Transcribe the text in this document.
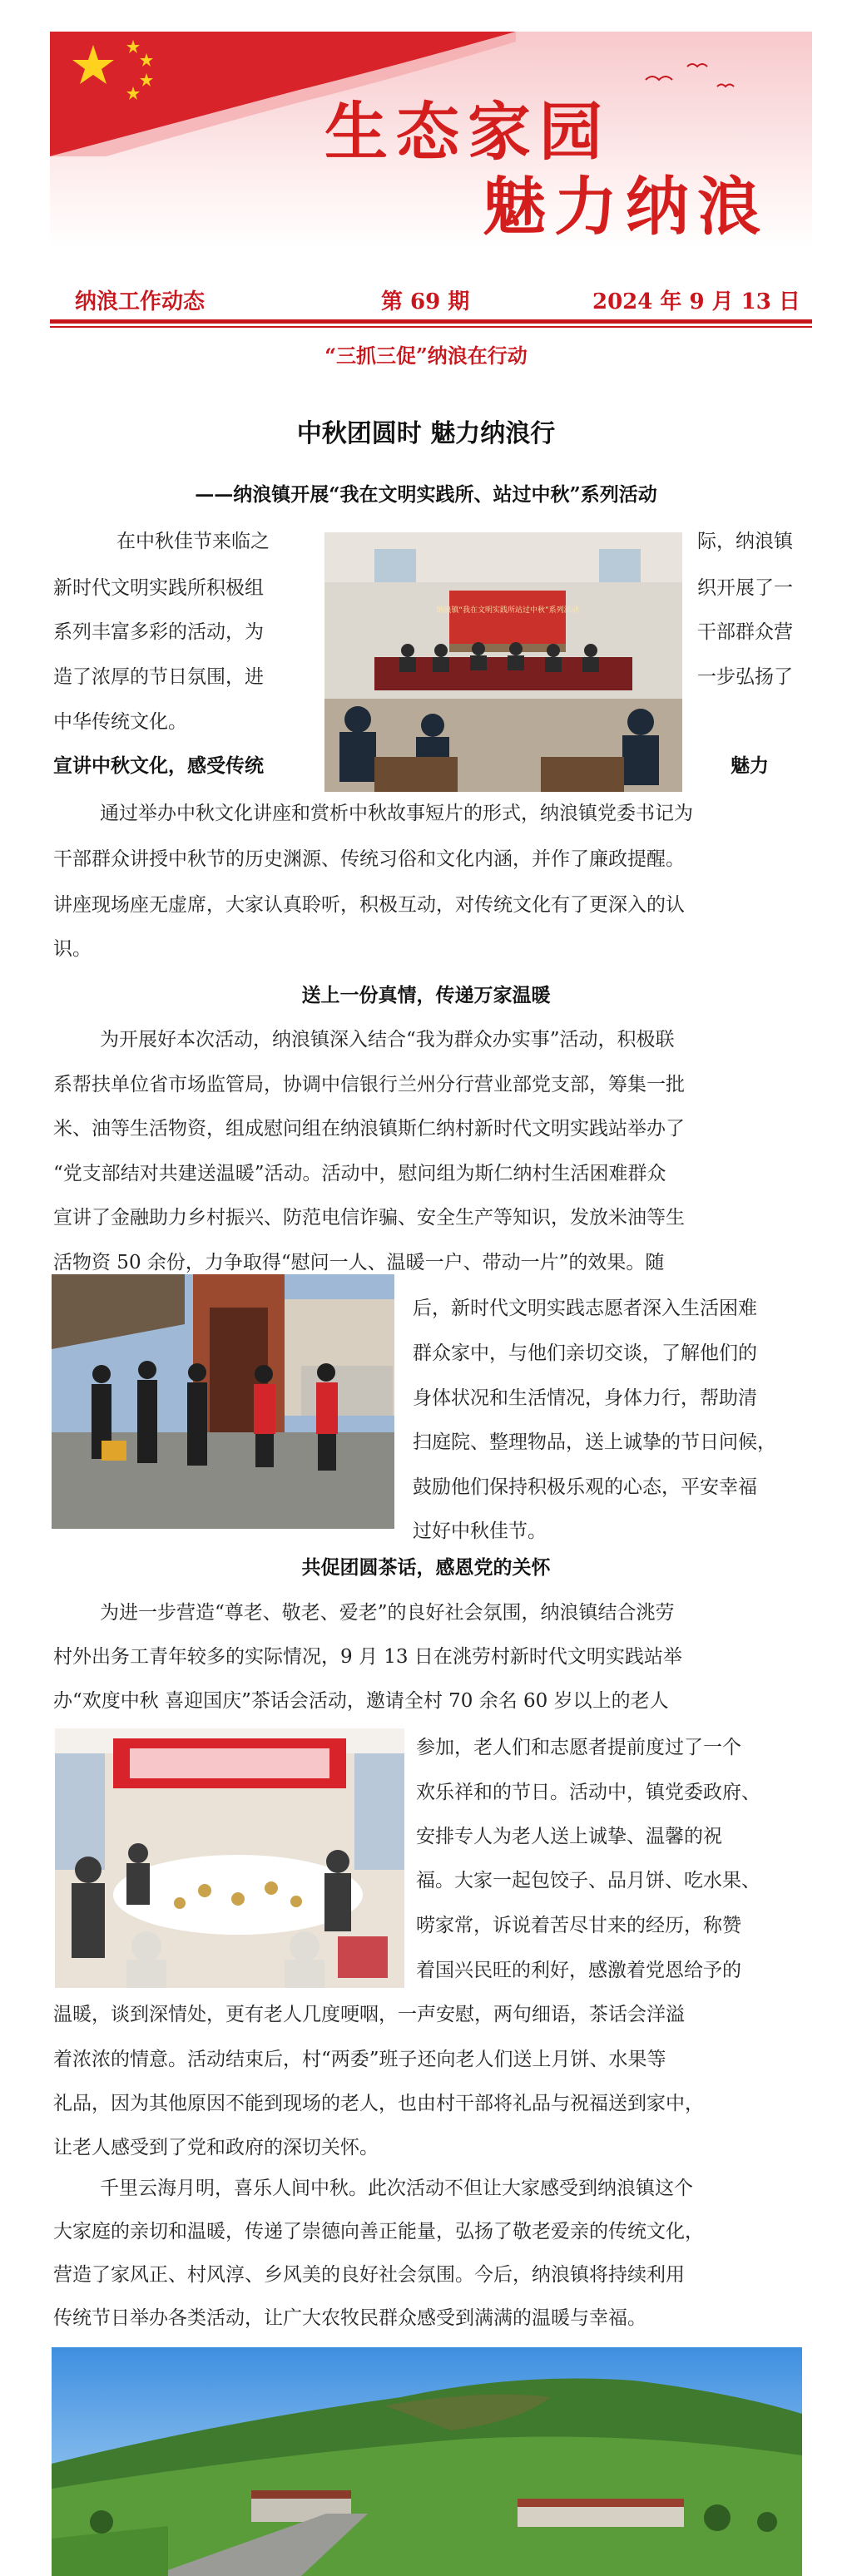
生态家园
魅力纳浪
纳浪工作动态	第 69 期	2024 年 9 月 13 日
“三抓三促”纳浪在行动
中秋团圆时 魅力纳浪行
——纳浪镇开展“我在文明实践所、站过中秋”系列活动
在中秋佳节来临之
新时代文明实践所积极组
系列丰富多彩的活动，为
造了浓厚的节日氛围，进
中华传统文化。
际，纳浪镇
织开展了一
干部群众营
一步弘扬了
纳浪镇“我在文明实践所站过中秋”系列活动
宣讲中秋文化，感受传统	魅力
通过举办中秋文化讲座和赏析中秋故事短片的形式，纳浪镇党委书记为
干部群众讲授中秋节的历史渊源、传统习俗和文化内涵，并作了廉政提醒。
讲座现场座无虚席，大家认真聆听，积极互动，对传统文化有了更深入的认
识。
送上一份真情，传递万家温暖
为开展好本次活动，纳浪镇深入结合“我为群众办实事”活动，积极联
系帮扶单位省市场监管局，协调中信银行兰州分行营业部党支部，筹集一批
米、油等生活物资，组成慰问组在纳浪镇斯仁纳村新时代文明实践站举办了
“党支部结对共建送温暖”活动。活动中，慰问组为斯仁纳村生活困难群众
宣讲了金融助力乡村振兴、防范电信诈骗、安全生产等知识，发放米油等生
活物资 50 余份，力争取得“慰问一人、温暖一户、带动一片”的效果。随
后，新时代文明实践志愿者深入生活困难
群众家中，与他们亲切交谈，了解他们的
身体状况和生活情况，身体力行，帮助清
扫庭院、整理物品，送上诚挚的节日问候，
鼓励他们保持积极乐观的心态，平安幸福
过好中秋佳节。
共促团圆茶话，感恩党的关怀
为进一步营造“尊老、敬老、爱老”的良好社会氛围，纳浪镇结合洮劳
村外出务工青年较多的实际情况，9 月 13 日在洮劳村新时代文明实践站举
办“欢度中秋 喜迎国庆”茶话会活动，邀请全村 70 余名 60 岁以上的老人
参加，老人们和志愿者提前度过了一个
欢乐祥和的节日。活动中，镇党委政府、
安排专人为老人送上诚挚、温馨的祝
福。大家一起包饺子、品月饼、吃水果、
唠家常，诉说着苦尽甘来的经历，称赞
着国兴民旺的利好，感激着党恩给予的
温暖，谈到深情处，更有老人几度哽咽，一声安慰，两句细语，茶话会洋溢
着浓浓的情意。活动结束后，村“两委”班子还向老人们送上月饼、水果等
礼品，因为其他原因不能到现场的老人，也由村干部将礼品与祝福送到家中，
让老人感受到了党和政府的深切关怀。
千里云海月明，喜乐人间中秋。此次活动不但让大家感受到纳浪镇这个
大家庭的亲切和温暖，传递了崇德向善正能量，弘扬了敬老爱亲的传统文化，
营造了家风正、村风淳、乡风美的良好社会氛围。今后，纳浪镇将持续利用
传统节日举办各类活动，让广大农牧民群众感受到满满的温暖与幸福。
